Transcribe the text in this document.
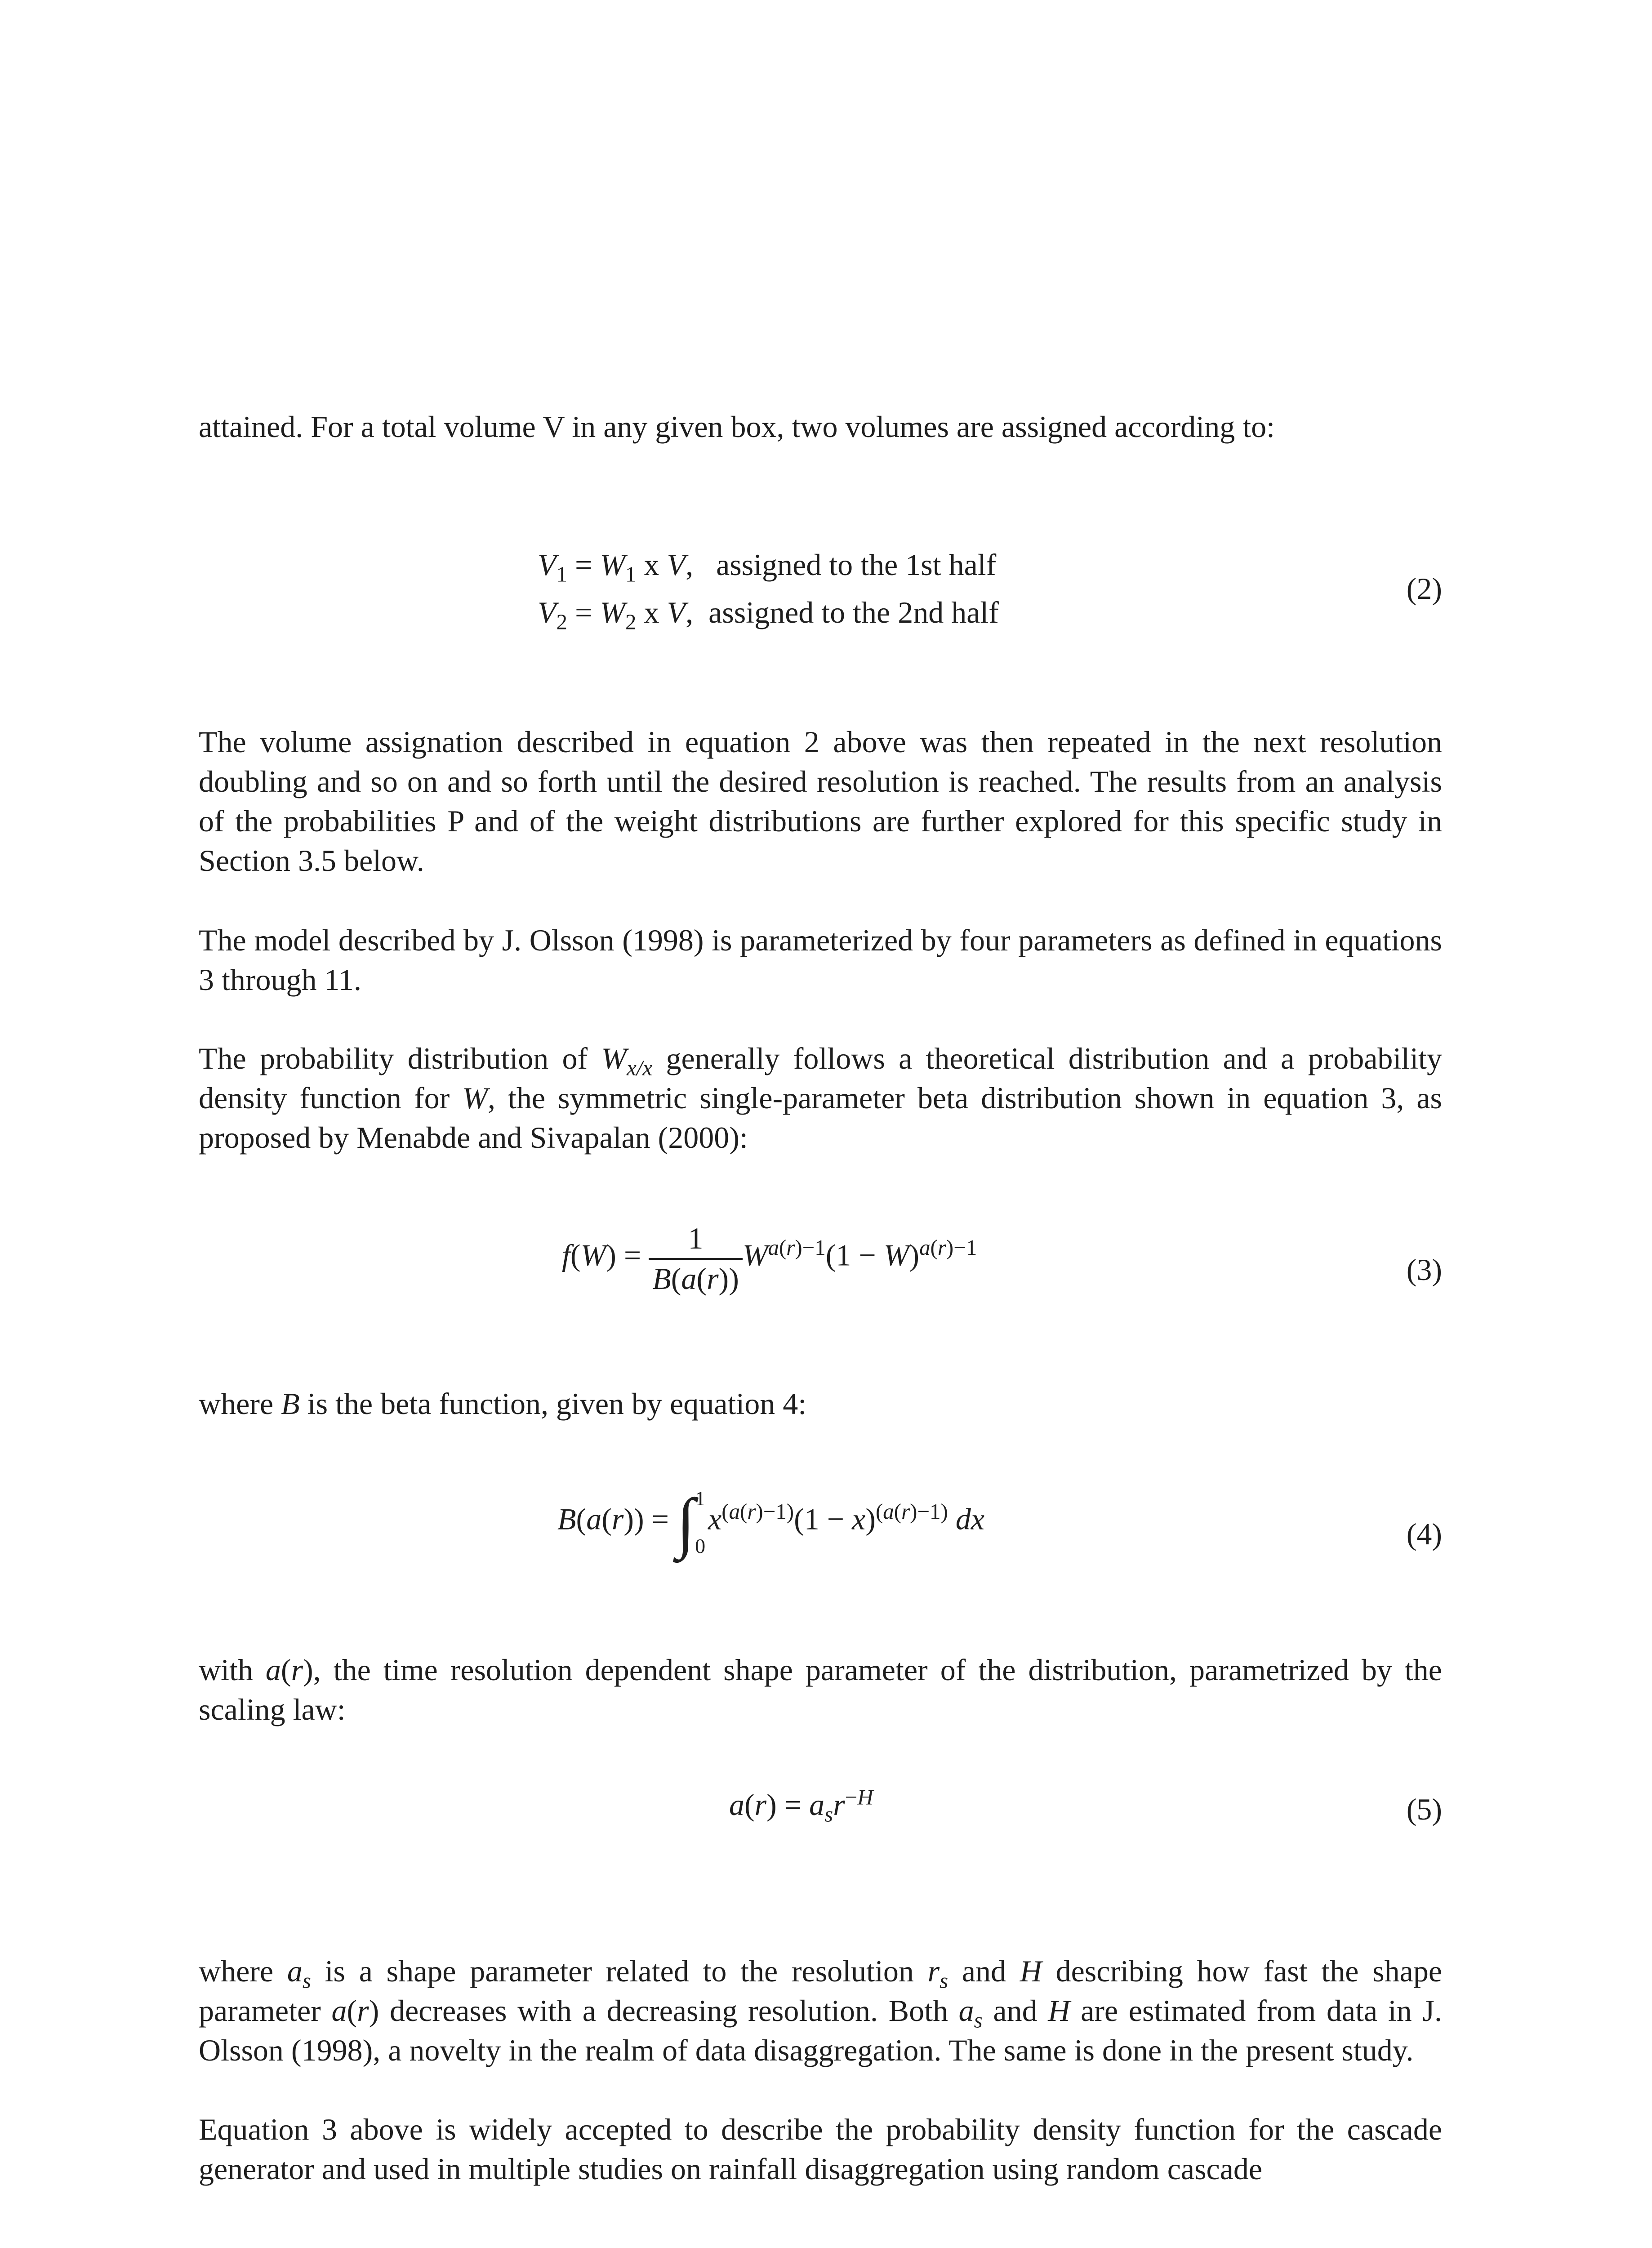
attained. For a total volume V in any given box, two volumes are assigned according to:

$V_1 = W_1$ x V,   assigned to the 1st half
$V_2 = W_2$ x V,  assigned to the 2nd half
(2)

The volume assignation described in equation 2 above was then repeated in the next resolution doubling and so on and so forth until the desired resolution is reached. The results from an analysis of the probabilities P and of the weight distributions are further explored for this specific study in Section 3.5 below.

The model described by J. Olsson (1998) is parameterized by four parameters as defined in equations 3 through 11.

The probability distribution of $W_{x/x}$ generally follows a theoretical distribution and a probability density function for W, the symmetric single-parameter beta distribution shown in equation 3, as proposed by Menabde and Sivapalan (2000):

$f(W) = \frac{1}{B(a(r))} W^{a(r)-1}(1 - W)^{a(r)-1}$
(3)

where B is the beta function, given by equation 4:

B(a(r)) = ∫ 1
0
$x^{(a(r)-1)}(1 - x)^{(a(r)-1)}$ dx	(4)

with a(r), the time resolution dependent shape parameter of the distribution, parametrized by the scaling law:

$a(r) = a_sr^{-H}$	(5)

where $a_s$ is a shape parameter related to the resolution $r_s$ and H describing how fast the shape parameter a(r) decreases with a decreasing resolution. Both $a_s$ and H are estimated from data in J. Olsson (1998), a novelty in the realm of data disaggregation. The same is done in the present study.

Equation 3 above is widely accepted to describe the probability density function for the cascade generator and used in multiple studies on rainfall disaggregation using random cascade
